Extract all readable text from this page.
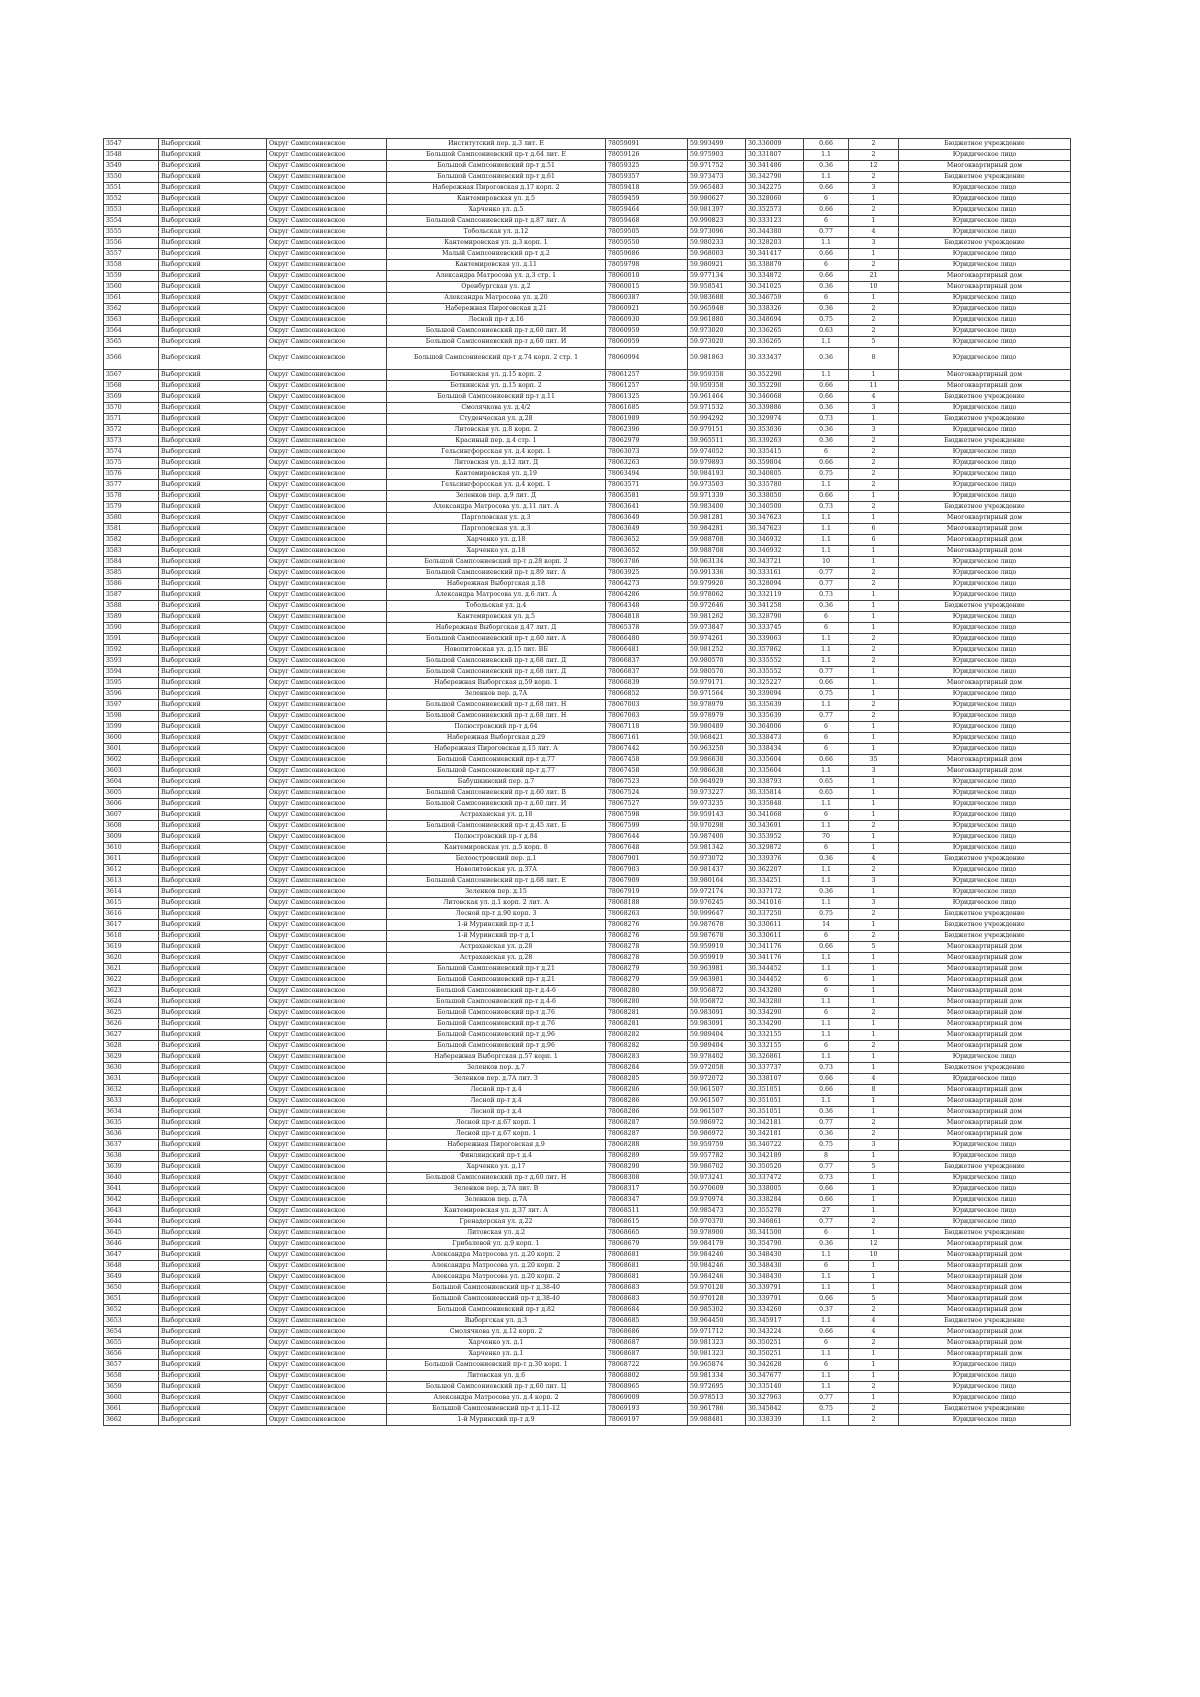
3547	Выборгский	Округ Сампсониевское	Институтский пер. д.3 лит. Е	78059091	59.993499	30.336009	0.66	2	Бюджетное учреждение
3548	Выборгский	Округ Сампсониевское	Большой Сампсониевский пр-т д.64 лит. Е	78059126	59.975903	30.331807	1.1	2	Юридическое лицо
3549	Выборгский	Округ Сампсониевское	Большой Сампсониевский пр-т д.51	78059325	59.971752	30.341486	0.36	12	Многоквартирный дом
3550	Выборгский	Округ Сампсониевское	Большой Сампсониевский пр-т д.61	78059357	59.973473	30.342790	1.1	2	Бюджетное учреждение
3551	Выборгский	Округ Сампсониевское	Набережная Пироговская д.17 корп. 2	78059418	59.965483	30.342275	0.66	3	Юридическое лицо
3552	Выборгский	Округ Сампсониевское	Кантемировская ул. д.5	78059459	59.980627	30.328060	6	1	Юридическое лицо
3553	Выборгский	Округ Сампсониевское	Харченко ул. д.5	78059464	59.981397	30.352573	0.66	2	Юридическое лицо
3554	Выборгский	Округ Сампсониевское	Большой Сампсониевский пр-т д.87 лит. А	78059468	59.990823	30.333123	6	1	Юридическое лицо
3555	Выборгский	Округ Сампсониевское	Тобольская ул. д.12	78059505	59.973096	30.344380	0.77	4	Юридическое лицо
3556	Выборгский	Округ Сампсониевское	Кантемировская ул. д.3 корп. 1	78059550	59.980233	30.328203	1.1	3	Бюджетное учреждение
3557	Выборгский	Округ Сампсониевское	Малый Сампсониевский пр-т д.2	78059686	59.968003	30.341417	0.66	1	Юридическое лицо
3558	Выборгский	Округ Сампсониевское	Кантемировская ул. д.11	78059798	59.980921	30.338879	6	2	Юридическое лицо
3559	Выборгский	Округ Сампсониевское	Александра Матросова ул. д.3 стр. 1	78060010	59.977134	30.334872	0.66	21	Многоквартирный дом
3560	Выборгский	Округ Сампсониевское	Оренбургская ул. д.2	78060015	59.958541	30.341025	0.36	10	Многоквартирный дом
3561	Выборгский	Округ Сампсониевское	Александра Матросова ул. д.20	78060387	59.983688	30.346759	6	1	Юридическое лицо
3562	Выборгский	Округ Сампсониевское	Набережная Пироговская д.21	78060921	59.965948	30.338326	0.36	2	Юридическое лицо
3563	Выборгский	Округ Сампсониевское	Лесной пр-т д.16	78060930	59.961880	30.348694	0.75	2	Юридическое лицо
3564	Выборгский	Округ Сампсониевское	Большой Сампсониевский пр-т д.60 лит. И	78060959	59.973020	30.336265	0.63	2	Юридическое лицо
3565	Выборгский	Округ Сампсониевское	Большой Сампсониевский пр-т д.60 лит. И	78060959	59.973020	30.336265	1.1	5	Юридическое лицо
3566	Выборгский	Округ Сампсониевское	Большой Сампсониевский пр-т д.74 корп. 2 стр. 1	78060994	59.981863	30.333437	0.36	8	Юридическое лицо
3567	Выборгский	Округ Сампсониевское	Боткинская ул. д.15 корп. 2	78061257	59.959358	30.352290	1.1	1	Многоквартирный дом
3568	Выборгский	Округ Сампсониевское	Боткинская ул. д.15 корп. 2	78061257	59.959358	30.352290	0.66	11	Многоквартирный дом
3569	Выборгский	Округ Сампсониевское	Большой Сампсониевский пр-т д.11	78061325	59.961464	30.346668	0.66	4	Бюджетное учреждение
3570	Выборгский	Округ Сампсониевское	Смолячкова ул. д.4/2	78061685	59.971532	30.339886	0.36	3	Юридическое лицо
3571	Выборгский	Округ Сампсониевское	Студенческая ул. д.28	78061989	59.994292	30.329974	0.73	1	Бюджетное учреждение
3572	Выборгский	Округ Сампсониевское	Литовская ул. д.8 корп. 2	78062396	59.979151	30.353036	0.36	3	Юридическое лицо
3573	Выборгский	Округ Сампсониевское	Красиный пер. д.4 стр. 1	78062979	59.965511	30.339263	0.36	2	Бюджетное учреждение
3574	Выборгский	Округ Сампсониевское	Гельсингфорсская ул. д.4 корп. 1	78063073	59.974052	30.335415	6	2	Юридическое лицо
3575	Выборгский	Округ Сампсониевское	Литовская ул. д.12 лит. Д	78063263	59.979893	30.359804	0.66	2	Юридическое лицо
3576	Выборгский	Округ Сампсониевское	Кантемировская ул. д.19	78063494	59.984193	30.340805	0.75	2	Юридическое лицо
3577	Выборгский	Округ Сампсониевское	Гельсингфорсская ул. д.4 корп. 1	78063571	59.973503	30.335780	1.1	2	Юридическое лицо
3578	Выборгский	Округ Сампсониевское	Зеленков пер. д.9 лит. Д	78063581	59.971339	30.338050	0.66	1	Юридическое лицо
3579	Выборгский	Округ Сампсониевское	Александра Матросова ул. д.11 лит. А	78063641	59.983400	30.340500	0.73	2	Бюджетное учреждение
3580	Выборгский	Округ Сампсониевское	Парголовская ул. д.3	78063649	59.981281	30.347623	1.1	1	Многоквартирный дом
3581	Выборгский	Округ Сампсониевское	Парголовская ул. д.3	78063649	59.984281	30.347623	1.1	6	Многоквартирный дом
3582	Выборгский	Округ Сампсониевское	Харченко ул. д.18	78063652	59.988708	30.346932	1.1	6	Многоквартирный дом
3583	Выборгский	Округ Сампсониевское	Харченко ул. д.18	78063652	59.988708	30.346932	1.1	1	Многоквартирный дом
3584	Выборгский	Округ Сампсониевское	Большой Сампсониевский пр-т д.28 корп. 2	78063786	59.963134	30.343721	10	1	Юридическое лицо
3585	Выборгский	Округ Сампсониевское	Большой Сампсониевский пр-т д.89 лит. А	78063925	59.991336	30.333161	0.77	2	Юридическое лицо
3586	Выборгский	Округ Сампсониевское	Набережная Выборгская д.18	78064273	59.979920	30.328094	0.77	2	Юридическое лицо
3587	Выборгский	Округ Сампсониевское	Александра Матросова ул. д.6 лит. А	78064286	59.978062	30.332119	0.73	1	Юридическое лицо
3588	Выборгский	Округ Сампсониевское	Тобольская ул. д.4	78064348	59.972646	30.341258	0.36	1	Бюджетное учреждение
3589	Выборгский	Округ Сампсониевское	Кантемировская ул. д.5	78064818	59.981262	30.328790	6	1	Юридическое лицо
3590	Выборгский	Округ Сампсониевское	Набережная Выборгская д.47 лит. Д	78065378	59.973847	30.333745	6	1	Юридическое лицо
3591	Выборгский	Округ Сампсониевское	Большой Сампсониевский пр-т д.60 лит. А	78066480	59.974261	30.339063	1.1	2	Юридическое лицо
3592	Выборгский	Округ Сампсониевское	Новолитовская ул. д.15 лит. ВБ	78066481	59.981252	30.357862	1.1	2	Юридическое лицо
3593	Выборгский	Округ Сампсониевское	Большой Сампсониевский пр-т д.68 лит. Д	78066837	59.980570	30.335552	1.1	2	Юридическое лицо
3594	Выборгский	Округ Сампсониевское	Большой Сампсониевский пр-т д.68 лит. Д	78066837	59.980570	30.335552	0.77	1	Юридическое лицо
3595	Выборгский	Округ Сампсониевское	Набережная Выборгская д.59 корп. 1	78066839	59.979171	30.325227	0.66	1	Многоквартирный дом
3596	Выборгский	Округ Сампсониевское	Зеленков пер. д.7А	78066852	59.971564	30.339094	0.75	1	Юридическое лицо
3597	Выборгский	Округ Сампсониевское	Большой Сампсониевский пр-т д.68 лит. Н	78067003	59.978979	30.335639	1.1	2	Юридическое лицо
3598	Выборгский	Округ Сампсониевское	Большой Сампсониевский пр-т д.68 лит. Н	78067003	59.978979	30.335639	0.77	2	Юридическое лицо
3599	Выборгский	Округ Сампсониевское	Полюстровский пр-т д.64	78067118	59.980489	30.364006	6	1	Юридическое лицо
3600	Выборгский	Округ Сампсониевское	Набережная Выборгская д.29	78067161	59.968421	30.338473	6	1	Юридическое лицо
3601	Выборгский	Округ Сампсониевское	Набережная Пироговская д.15 лит. А	78067442	59.963250	30.338434	6	1	Юридическое лицо
3602	Выборгский	Округ Сампсониевское	Большой Сампсониевский пр-т д.77	78067458	59.986638	30.335604	0.66	35	Многоквартирный дом
3603	Выборгский	Округ Сампсониевское	Большой Сампсониевский пр-т д.77	78067458	59.986638	30.335604	1.1	3	Многоквартирный дом
3604	Выборгский	Округ Сампсониевское	Бабушкинский пер. д.7	78067523	59.964929	30.338793	0.65	1	Юридическое лицо
3605	Выборгский	Округ Сампсониевское	Большой Сампсониевский пр-т д.60 лит. В	78067524	59.973227	30.335814	0.65	1	Юридическое лицо
3606	Выборгский	Округ Сампсониевское	Большой Сампсониевский пр-т д.60 лит. И	78067527	59.973235	30.335848	1.1	1	Юридическое лицо
3607	Выборгский	Округ Сампсониевское	Астраханская ул. д.18	78067598	59.959143	30.341668	6	1	Юридическое лицо
3608	Выборгский	Округ Сампсониевское	Большой Сампсониевский пр-т д.45 лит. Б	78067599	59.970298	30.343691	1.1	2	Юридическое лицо
3609	Выборгский	Округ Сампсониевское	Полюстровский пр-т д.84	78067644	59.987400	30.353952	70	1	Юридическое лицо
3610	Выборгский	Округ Сампсониевское	Кантемировская ул. д.5 корп. 8	78067648	59.981342	30.329872	6	1	Юридическое лицо
3611	Выборгский	Округ Сампсониевское	Белоостровский пер. д.1	78067901	59.973072	30.339376	0.36	4	Бюджетное учреждение
3612	Выборгский	Округ Сампсониевское	Новолитовская ул. д.37А	78067903	59.981437	30.362207	1.1	2	Юридическое лицо
3613	Выборгский	Округ Сампсониевское	Большой Сампсониевский пр-т д.68 лит. Е	78067909	59.980164	30.334251	1.1	3	Юридическое лицо
3614	Выборгский	Округ Сампсониевское	Зеленков пер. д.15	78067919	59.972174	30.337172	0.36	1	Юридическое лицо
3615	Выборгский	Округ Сампсониевское	Литовская ул. д.1 корп. 2 лит. А	78068188	59.976245	30.341016	1.1	3	Юридическое лицо
3616	Выборгский	Округ Сампсониевское	Лесной пр-т д.90 корп. 3	78068263	59.999647	30.337250	0.75	2	Бюджетное учреждение
3617	Выборгский	Округ Сампсониевское	1-й Муринский пр-т д.1	78068276	59.987678	30.330611	14	1	Бюджетное учреждение
3618	Выборгский	Округ Сампсониевское	1-й Муринский пр-т д.1	78068276	59.987678	30.330611	6	2	Бюджетное учреждение
3619	Выборгский	Округ Сампсониевское	Астраханская ул. д.28	78068278	59.959919	30.341176	0.66	5	Многоквартирный дом
3620	Выборгский	Округ Сампсониевское	Астраханская ул. д.28	78068278	59.959919	30.341176	1.1	1	Многоквартирный дом
3621	Выборгский	Округ Сампсониевское	Большой Сампсониевский пр-т д.21	78068279	59.963981	30.344452	1.1	1	Многоквартирный дом
3622	Выборгский	Округ Сампсониевское	Большой Сампсониевский пр-т д.21	78068279	59.963981	30.344452	6	1	Многоквартирный дом
3623	Выборгский	Округ Сампсониевское	Большой Сампсониевский пр-т д.4-6	78068280	59.956872	30.343280	6	1	Многоквартирный дом
3624	Выборгский	Округ Сампсониевское	Большой Сампсониевский пр-т д.4-6	78068280	59.956872	30.343280	1.1	1	Многоквартирный дом
3625	Выборгский	Округ Сампсониевское	Большой Сампсониевский пр-т д.76	78068281	59.983091	30.334290	6	2	Многоквартирный дом
3626	Выборгский	Округ Сампсониевское	Большой Сампсониевский пр-т д.76	78068281	59.983091	30.334290	1.1	1	Многоквартирный дом
3627	Выборгский	Округ Сампсониевское	Большой Сампсониевский пр-т д.96	78068282	59.989404	30.332155	1.1	1	Многоквартирный дом
3628	Выборгский	Округ Сампсониевское	Большой Сампсониевский пр-т д.96	78068282	59.989404	30.332155	6	2	Многоквартирный дом
3629	Выборгский	Округ Сампсониевское	Набережная Выборгская д.57 корп. 1	78068283	59.978402	30.326861	1.1	1	Юридическое лицо
3630	Выборгский	Округ Сампсониевское	Зеленков пер. д.7	78068284	59.972058	30.337737	0.73	1	Бюджетное учреждение
3631	Выборгский	Округ Сампсониевское	Зеленков пер. д.7А лит. З	78068285	59.972072	30.338107	0.66	4	Юридическое лицо
3632	Выборгский	Округ Сампсониевское	Лесной пр-т д.4	78068286	59.961507	30.351051	0.66	8	Многоквартирный дом
3633	Выборгский	Округ Сампсониевское	Лесной пр-т д.4	78068286	59.961507	30.351051	1.1	1	Многоквартирный дом
3634	Выборгский	Округ Сампсониевское	Лесной пр-т д.4	78068286	59.961507	30.351051	0.36	1	Многоквартирный дом
3635	Выборгский	Округ Сампсониевское	Лесной пр-т д.67 корп. 1	78068287	59.986972	30.342181	0.77	2	Многоквартирный дом
3636	Выборгский	Округ Сампсониевское	Лесной пр-т д.67 корп. 1	78068287	59.986972	30.342181	0.36	2	Многоквартирный дом
3637	Выборгский	Округ Сампсониевское	Набережная Пироговская д.9	78068288	59.959759	30.340722	0.75	3	Юридическое лицо
3638	Выборгский	Округ Сампсониевское	Финляндский пр-т д.4	78068289	59.957782	30.342189	8	1	Юридическое лицо
3639	Выборгский	Округ Сампсониевское	Харченко ул. д.17	78068290	59.986702	30.350520	0.77	5	Бюджетное учреждение
3640	Выборгский	Округ Сампсониевское	Большой Сампсониевский пр-т д.60 лит. Н	78068308	59.973241	30.337472	0.73	1	Юридическое лицо
3641	Выборгский	Округ Сампсониевское	Зеленков пер. д.7А лит. В	78068317	59.970609	30.338005	0.66	1	Юридическое лицо
3642	Выборгский	Округ Сампсониевское	Зеленков пер. д.7А	78068347	59.970974	30.338284	0.66	1	Юридическое лицо
3643	Выборгский	Округ Сампсониевское	Кантемировская ул. д.37 лит. А	78068511	59.985473	30.355278	27	1	Юридическое лицо
3644	Выборгский	Округ Сампсониевское	Гренадерская ул. д.22	78068615	59.970370	30.346861	0.77	2	Юридическое лицо
3645	Выборгский	Округ Сампсониевское	Литовская ул. д.2	78068665	59.978900	30.341500	6	1	Бюджетное учреждение
3646	Выборгский	Округ Сампсониевское	Грибалевой ул. д.9 корп. 1	78068679	59.984179	30.354790	0.36	12	Многоквартирный дом
3647	Выборгский	Округ Сампсониевское	Александра Матросова ул. д.20 корп. 2	78068681	59.984246	30.348430	1.1	10	Многоквартирный дом
3648	Выборгский	Округ Сампсониевское	Александра Матросова ул. д.20 корп. 2	78068681	59.984246	30.348430	6	1	Многоквартирный дом
3649	Выборгский	Округ Сампсониевское	Александра Матросова ул. д.20 корп. 2	78068681	59.984246	30.348430	1.1	1	Многоквартирный дом
3650	Выборгский	Округ Сампсониевское	Большой Сампсониевский пр-т д.38-40	78068683	59.970128	30.339791	1.1	1	Многоквартирный дом
3651	Выборгский	Округ Сампсониевское	Большой Сампсониевский пр-т д.38-40	78068683	59.970128	30.339791	0.66	5	Многоквартирный дом
3652	Выборгский	Округ Сампсониевское	Большой Сампсониевский пр-т д.82	78068684	59.985302	30.334260	0.37	2	Многоквартирный дом
3653	Выборгский	Округ Сампсониевское	Выборгская ул. д.3	78068685	59.964450	30.345917	1.1	4	Бюджетное учреждение
3654	Выборгский	Округ Сампсониевское	Смолячкова ул. д.12 корп. 2	78068686	59.971712	30.343224	0.66	4	Многоквартирный дом
3655	Выборгский	Округ Сампсониевское	Харченко ул. д.1	78068687	59.981323	30.350251	6	2	Многоквартирный дом
3656	Выборгский	Округ Сампсониевское	Харченко ул. д.1	78068687	59.981323	30.350251	1.1	1	Многоквартирный дом
3657	Выборгский	Округ Сампсониевское	Большой Сампсониевский пр-т д.30 корп. 1	78068722	59.965874	30.342628	6	1	Юридическое лицо
3658	Выборгский	Округ Сампсониевское	Литовская ул. д.6	78068802	59.981334	30.347677	1.1	1	Юридическое лицо
3659	Выборгский	Округ Сампсониевское	Большой Сампсониевский пр-т д.60 лит. Ц	78068965	59.972695	30.335140	1.1	2	Юридическое лицо
3660	Выборгский	Округ Сампсониевское	Александра Матросова ул. д.4 корп. 2	78069009	59.978513	30.327963	0.77	1	Юридическое лицо
3661	Выборгский	Округ Сампсониевское	Большой Сампсониевский пр-т д.11-12	78069193	59.961786	30.345842	0.75	2	Бюджетное учреждение
3662	Выборгский	Округ Сампсониевское	1-й Муринский пр-т д.9	78069197	59.988481	30.338339	1.1	2	Юридическое лицо
